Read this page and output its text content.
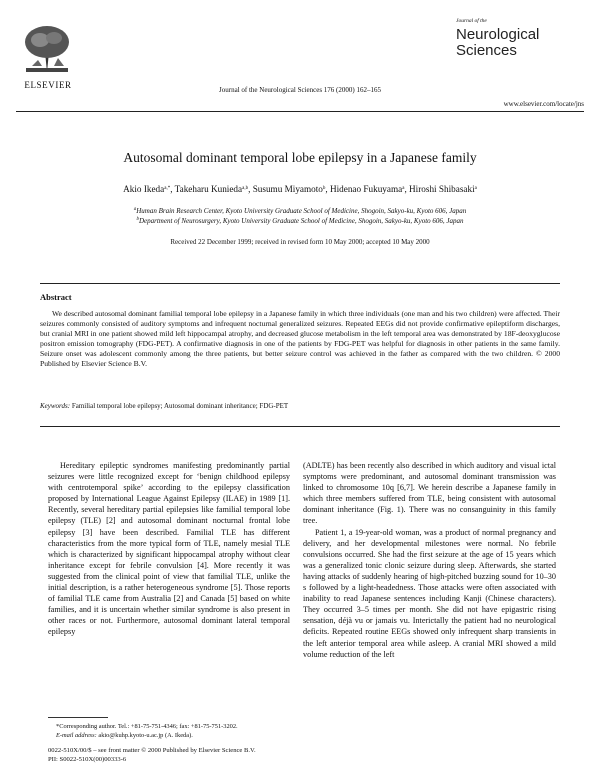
ELSEVIER	Journal of the Neurological Sciences 176 (2000) 162–165
Journal of the
Neurological
Sciences
www.elsevier.com/locate/jns
Autosomal dominant temporal lobe epilepsy in a Japanese family
Akio Ikeda$^{a,*}$, Takeharu Kunieda$^{a,b}$, Susumu Miyamoto$^b$, Hidenao Fukuyama$^a$, Hiroshi Shibasaki$^a$
$^a$Human Brain Research Center, Kyoto University Graduate School of Medicine, Shogoin, Sakyo-ku, Kyoto 606, Japan
$^b$Department of Neurosurgery, Kyoto University Graduate School of Medicine, Shogoin, Sakyo-ku, Kyoto 606, Japan
Received 22 December 1999; received in revised form 10 May 2000; accepted 10 May 2000
Abstract
We described autosomal dominant familial temporal lobe epilepsy in a Japanese family in which three individuals (one man and his two children) were affected. Their seizures commonly consisted of auditory symptoms and infrequent nocturnal generalized seizures. Repeated EEGs did not provide confirmative epileptiform discharges, but cranial MRI in one patient showed mild left hippocampal atrophy, and decreased glucose metabolism in the left temporal area was demonstrated by 18F-deoxyglucose positron emission tomography (FDG-PET). A confirmative diagnosis in one of the patients by FDG-PET was helpful for diagnosis in other patients in the same family. Seizure onset was adolescent commonly among the three patients, but better seizure control was achieved in the father as compared with the two children. © 2000 Published by Elsevier Science B.V.
Keywords: Familial temporal lobe epilepsy; Autosomal dominant inheritance; FDG-PET

Hereditary epileptic syndromes manifesting predominantly partial seizures were little recognized except for ‘benign childhood epilepsy with centrotemporal spike’ according to the epilepsy classification proposed by International League Against Epilepsy (ILAE) in 1989 [1]. Recently, several hereditary partial epilepsies like familial temporal lobe epilepsy (TLE) [2] and autosomal dominant nocturnal frontal lobe epilepsy [3] have been described. Familial TLE has different characteristics from the more typical form of TLE, namely mesial TLE which is characterized by significant hippocampal atrophy without clear inheritance except for febrile convulsion [4]. More recently it was suggested from the clinical point of view that familial TLE, unlike the initial description, is a rather heterogeneous syndrome [5]. Those reports of familial TLE came from Australia [2] and Canada [5] based on white families, and it is uncertain whether similar syndrome is also present in other races or not. Furthermore, autosomal dominant lateral temporal epilepsy

(ADLTE) has been recently also described in which auditory and visual ictal symptoms were predominant, and autosomal dominant transmission was linked to chromosome 10q [6,7]. We herein describe a Japanese family in which three members suffered from TLE, being consistent with autosomal dominant inheritance (Fig. 1). There was no consanguinity in this family tree.

Patient 1, a 19-year-old woman, was a product of normal pregnancy and delivery, and her developmental milestones were normal. No febrile convulsions occurred. She had the first seizure at the age of 15 years which was a generalized tonic clonic seizure during sleep. Afterwards, she started having attacks of suddenly hearing of high-pitched buzzing sound for 10–30 s followed by a light-headedness. Those attacks were often associated with inability to read Japanese sentences including Kanji (Chinese characters). They occurred 3–5 times per month. She did not have epigastric rising sensation, déjà vu or jamais vu. Interictally the patient had no neurological deficits. Repeated routine EEGs showed only infrequent sharp transients in the left anterior temporal area while asleep. A cranial MRI showed a mild volume reduction of the left

*Corresponding author. Tel.: +81-75-751-4346; fax: +81-75-751-3202.
E-mail address: akio@kuhp.kyoto-u.ac.jp (A. Ikeda).
0022-510X/00/$ – see front matter © 2000 Published by Elsevier Science B.V.
PII: S0022-510X(00)00333-6
